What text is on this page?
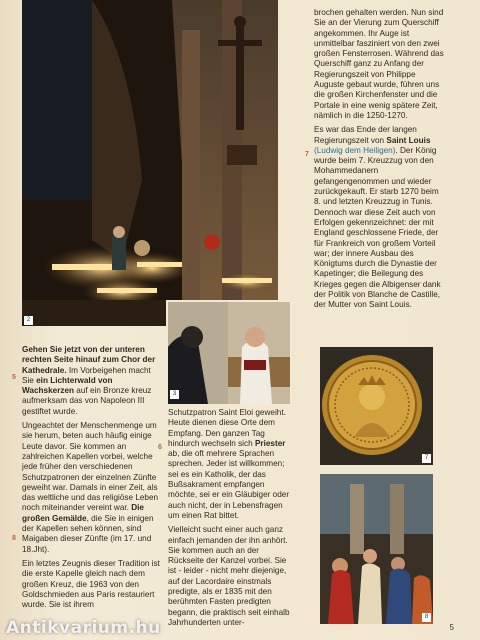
2
3

Gehen Sie jetzt von der unteren rechten Seite hinauf zum Chor der Kathedrale. Im Vorbeigehen macht Sie ein Lichterwald von Wachskerzen auf ein Bronze kreuz aufmerksam das von Napoleon III gestiftet wurde.

Ungeachtet der Menschenmenge um sie herum, beten auch häufig einige Leute davor. Sie kommen an zahlreichen Kapellen vorbei, welche jede früher den verschiedenen Schutzpatronen der einzelnen Zünfte geweiht war. Damals in einer Zeit, als das weltliche und das religiöse Leben noch miteinander vereint war. Die großen Gemälde, die Sie in einigen der Kapellen sehen können, sind Maigaben dieser Zünfte (im 17. und 18.Jht).

Ein letztes Zeugnis dieser Tradition ist die erste Kapelle gleich nach dem großen Kreuz, die 1963 von den Goldschmieden aus Paris restauriert wurde. Sie ist ihrem

5
8

Schutzpatron Saint Eloi geweiht. Heute dienen diese Orte dem Empfang. Den ganzen Tag hindurch wechseln sich Priester ab, die oft mehrere Sprachen sprechen. Jeder ist willkommen; sei es ein Katholik, der das Bußsakrament empfangen möchte, sei er ein Gläubiger oder auch nicht, der in Lebensfragen um einen Rat bittet.

Vielleicht sucht einer auch ganz einfach jemanden der ihn anhört. Sie kommen auch an der Rückseite der Kanzel vorbei. Sie ist - leider - nicht mehr diejenige, auf der Lacordaire einstmals predigte, als er 1835 mit den berühmten Fasten predigten begann, die praktisch seit einhalb Jahrhunderten unter-

6

brochen gehalten werden. Nun sind Sie an der Vierung zum Querschiff angekommen. Ihr Auge ist unmittelbar fasziniert von den zwei großen Fensterrosen. Während das Querschiff ganz zu Anfang der Regierungszeit von Philippe Auguste gebaut wurde, führen uns die großen Kirchenfenster und die Portale in eine wenig spätere Zeit, nämlich in die 1250-1270.

Es war das Ende der langen Regierungszeit von Saint Louis (Ludwig dem Heiligen). Der König wurde beim 7. Kreuzzug von den Mohammedanern gefangengenommen und wieder zurückgekauft. Er starb 1270 beim 8. und letzten Kreuzzug in Tunis. Dennoch war diese Zeit auch von Erfolgen gekennzeichnet: der mit England geschlossene Friede, der für Frankreich von großem Vorteil war; der innere Ausbau des Königtums durch die Dynastie der Kapetinger; die Beilegung des Krieges gegen die Albigenser dank der Politik von Blanche de Castille, der Mutter von Saint Louis.

7
7
8
Antikvarium.hu	5
